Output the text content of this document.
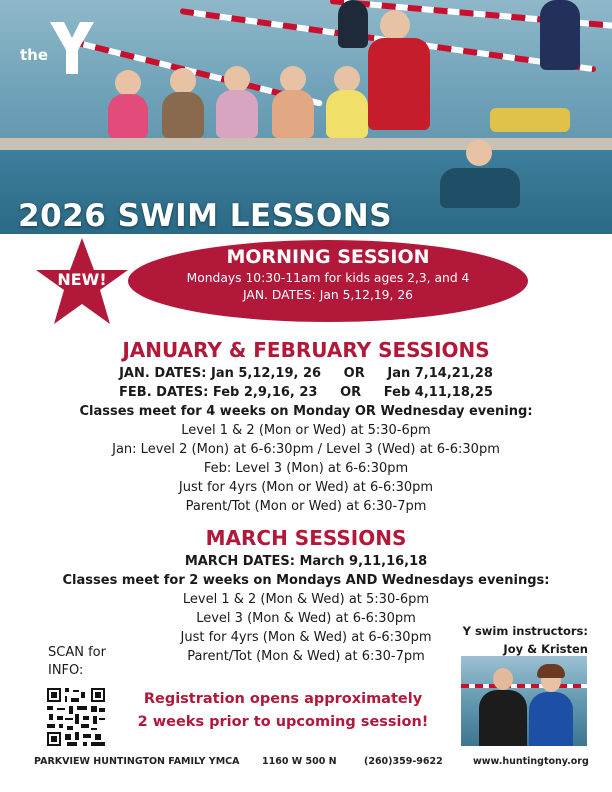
the
2026 SWIM LESSONS
NEW!
MORNING SESSION
Mondays 10:30-11am for kids ages 2,3, and 4
JAN. DATES: Jan 5,12,19, 26
JANUARY & FEBRUARY SESSIONS
JAN. DATES: Jan 5,12,19, 26     OR     Jan 7,14,21,28
FEB. DATES: Feb 2,9,16, 23     OR     Feb 4,11,18,25
Classes meet for 4 weeks on Monday OR Wednesday evening:
Level 1 & 2 (Mon or Wed) at 5:30-6pm
Jan: Level 2 (Mon) at 6-6:30pm / Level 3 (Wed) at 6-6:30pm
Feb: Level 3 (Mon) at 6-6:30pm
Just for 4yrs (Mon or Wed) at 6-6:30pm
Parent/Tot (Mon or Wed) at 6:30-7pm
MARCH SESSIONS
MARCH DATES: March 9,11,16,18
Classes meet for 2 weeks on Mondays AND Wednesdays evenings:
Level 1 & 2 (Mon & Wed) at 5:30-6pm
Level 3 (Mon & Wed) at 6-6:30pm
Just for 4yrs (Mon & Wed) at 6-6:30pm
Parent/Tot (Mon & Wed) at 6:30-7pm
SCAN for
INFO:
Registration opens approximately
2 weeks prior to upcoming session!
Y swim instructors:
Joy & Kristen
PARKVIEW HUNTINGTON FAMILY YMCA 1160 W 500 N	(260)359-9622	www.huntingtony.org
